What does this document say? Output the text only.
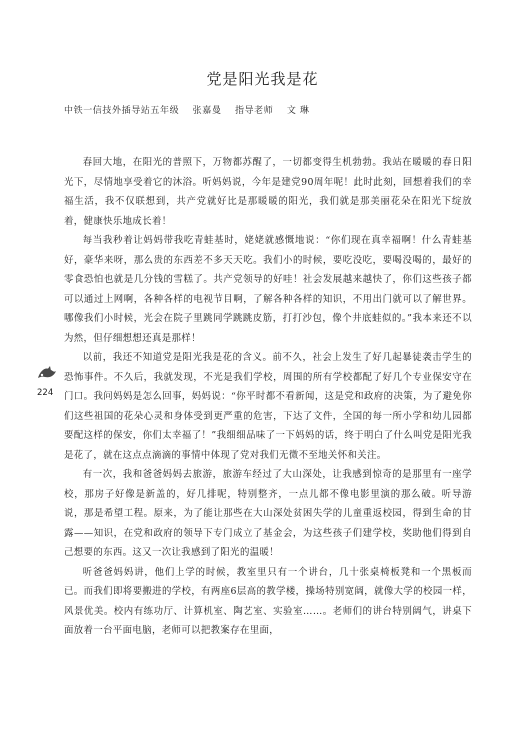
党是阳光我是花
中铁一信技外插导站五年级 张嘉曼 指导老师 文 琳
224

春回大地，在阳光的普照下，万物都苏醒了，一切都变得生机勃勃。我站在暖暖的春日阳光下，尽情地享受着它的沐浴。听妈妈说，今年是建党90周年呢！此时此刻，回想着我们的幸福生活，我不仅联想到，共产党就好比是那暖暖的阳光，我们就是那美丽花朵在阳光下绽放着，健康快乐地成长着！

每当我秒着让妈妈带我吃青蛙基时，姥姥就感慨地说：“你们现在真幸福啊！什么青蛙基好，豪华来呀，那么贵的东西差不多天天吃。我们小的时候，要吃没吃，要喝没喝的，最好的零食恐怕也就是几分钱的雪糕了。共产党领导的好哇！社会发展越来越快了，你们这些孩子都可以通过上网啊，各种各样的电视节目啊，了解各种各样的知识，不用出门就可以了解世界。哪像我们小时候，光会在院子里跳同学跳跳皮筋，打打沙包，像个井底蛙似的。”我本来还不以为然，但仔细想想还真是那样！

以前，我还不知道党是阳光我是花的含义。前不久，社会上发生了好几起暴徒袭击学生的恐怖事件。不久后，我就发现，不光是我们学校，周围的所有学校都配了好几个专业保安守在门口。我问妈妈是怎么回事，妈妈说：“你平时都不看新闻，这是党和政府的决策，为了避免你们这些祖国的花朵心灵和身体受到更严重的危害，下达了文件，全国的每一所小学和幼儿园都要配这样的保安，你们太幸福了！”我细细品味了一下妈妈的话，终于明白了什么叫党是阳光我是花了，就在这点点滴滴的事情中体现了党对我们无微不至地关怀和关注。

有一次，我和爸爸妈妈去旅游，旅游车经过了大山深处，让我感到惊奇的是那里有一座学校，那房子好像是新盖的，好几排呢，特别整齐，一点儿都不像电影里演的那么破。听导游说，那是希望工程。原来，为了能让那些在大山深处贫困失学的儿童重返校园，得到生命的甘露——知识，在党和政府的领导下专门成立了基金会，为这些孩子们建学校，奖助他们得到自己想要的东西。这又一次让我感到了阳光的温暖！

听爸爸妈妈讲，他们上学的时候，教室里只有一个讲台，几十张桌椅板凳和一个黑板而已。而我们即将要搬进的学校，有两座6层高的教学楼，操场特别宽阔，就像大学的校园一样，风景优美。校内有练功厅、计算机室、陶艺室、实验室……。老师们的讲台特别阔气，讲桌下面放着一台平面电脑，老师可以把教案存在里面，
